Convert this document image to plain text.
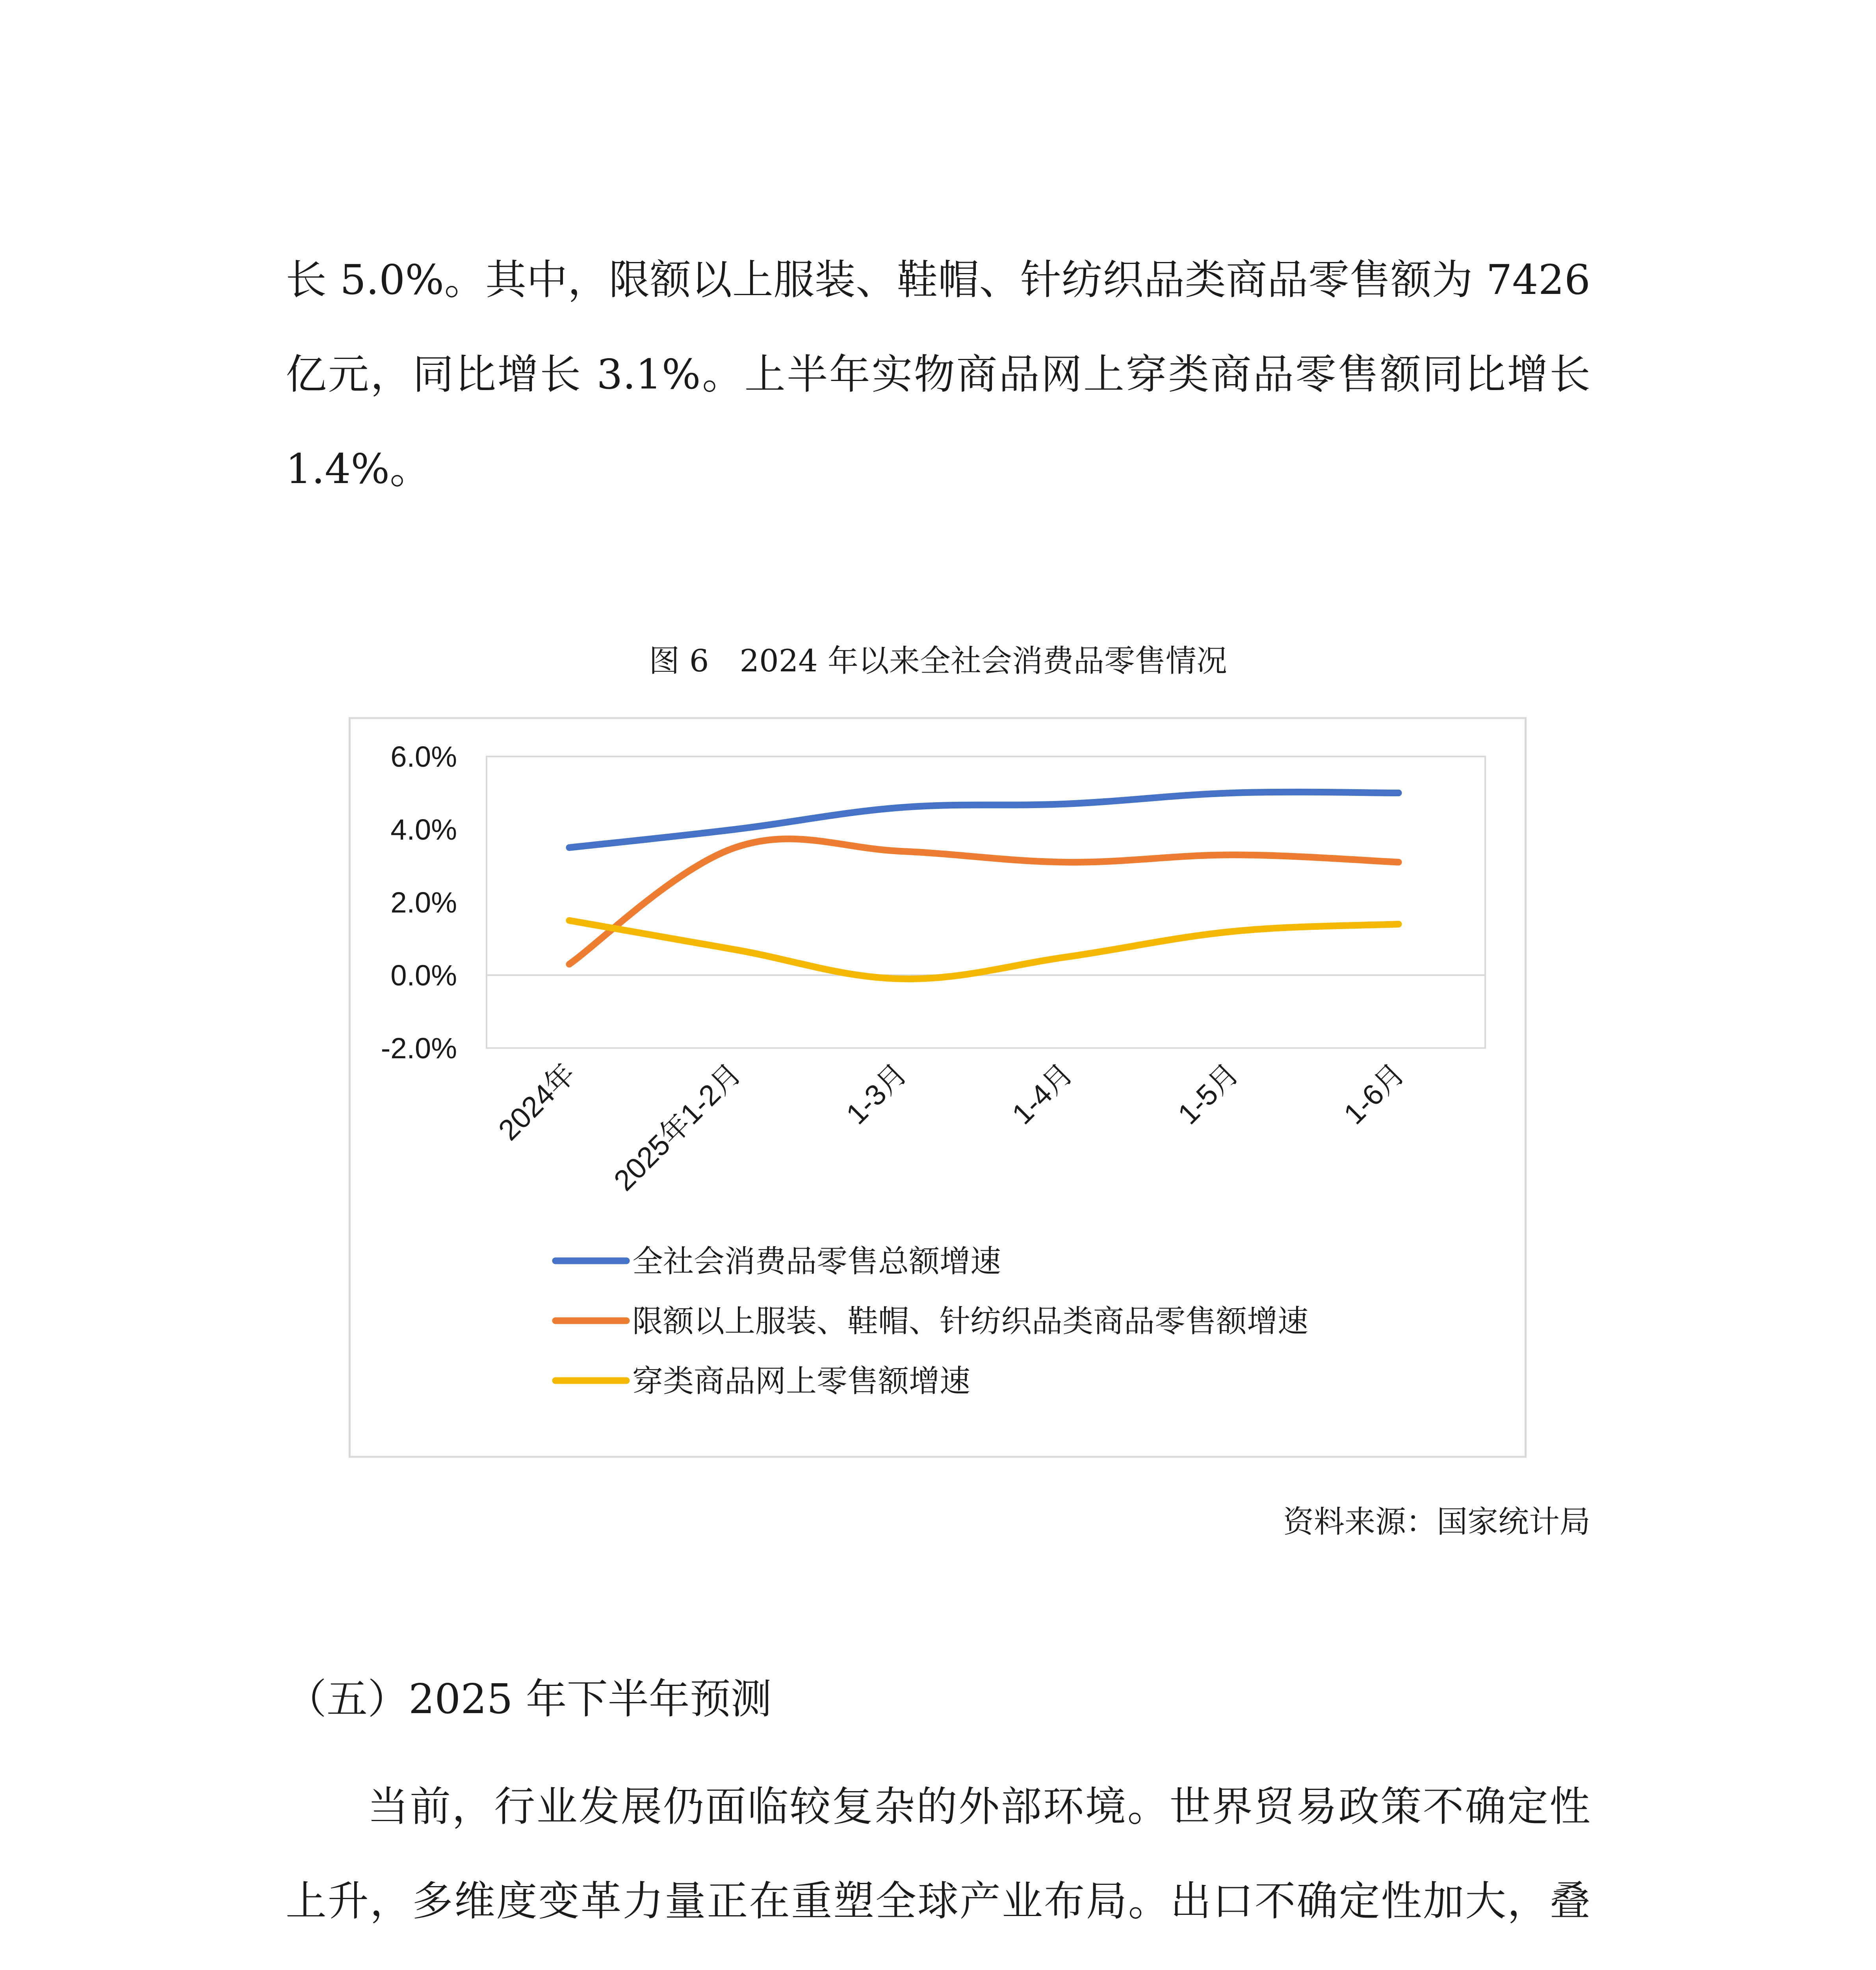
长 5.0%。其中，限额以上服装、鞋帽、针纺织品类商品零售额为 7426 亿元，同比增长 3.1%。上半年实物商品网上穿类商品零售额同比增长 1.4%。

图 6　2024 年以来全社会消费品零售情况
6.0%
4.0%
2.0%
0.0%
-2.0%
2024年 2025年1-2月	1-3月	1-4月	1-5月	1-6月
全社会消费品零售总额增速
限额以上服装、鞋帽、针纺织品类商品零售额增速
穿类商品网上零售额增速
资料来源：国家统计局
（五）2025 年下半年预测

当前，行业发展仍面临较复杂的外部环境。世界贸易政策不确定性上升，多维度变革力量正在重塑全球产业布局。出口不确定性加大，叠
